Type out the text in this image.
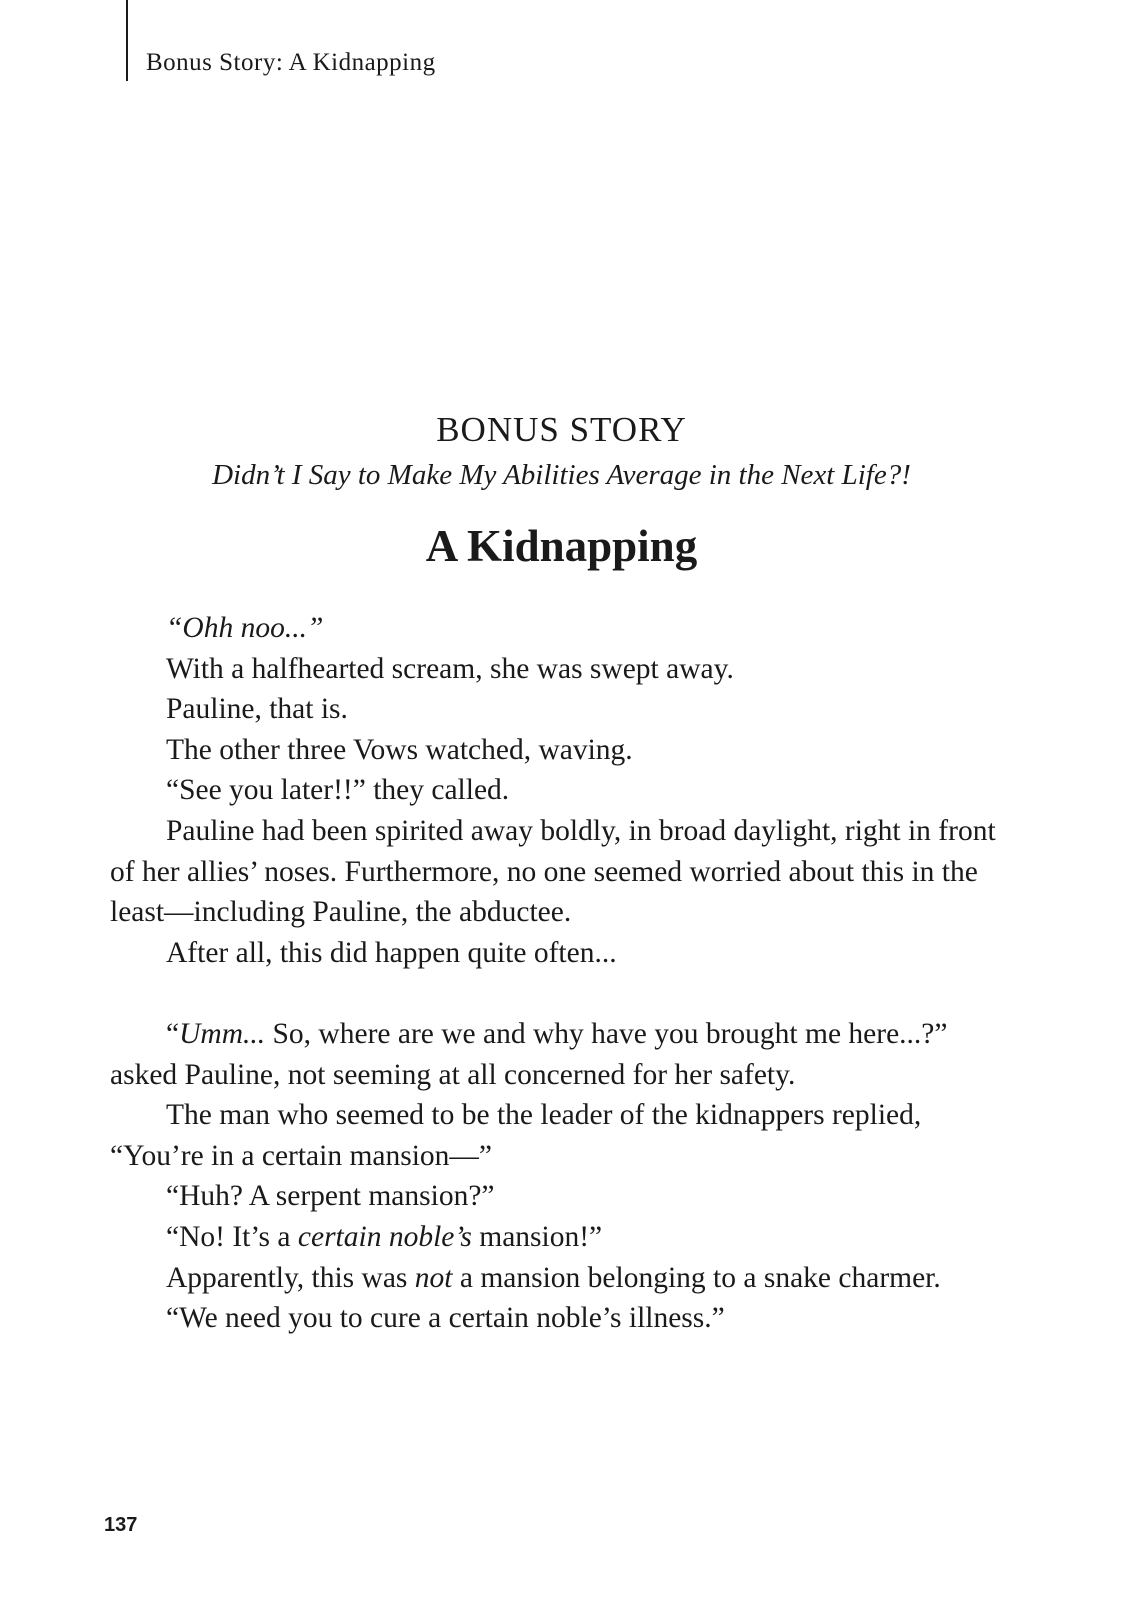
Bonus Story: A Kidnapping
BONUS STORY
Didn’t I Say to Make My Abilities Average in the Next Life?!
A Kidnapping

“Ohh noo...”

With a halfhearted scream, she was swept away.

Pauline, that is.

The other three Vows watched, waving.

“See you later!!” they called.

Pauline had been spirited away boldly, in broad daylight, right in front of her allies’ noses. Furthermore, no one seemed worried about this in the least—including Pauline, the abductee.

After all, this did happen quite often...

“Umm... So, where are we and why have you brought me here...?” asked Pauline, not seeming at all concerned for her safety.

The man who seemed to be the leader of the kidnappers replied, “You’re in a certain mansion—”

“Huh? A serpent mansion?”

“No! It’s a certain noble’s mansion!”

Apparently, this was not a mansion belonging to a snake charmer.

“We need you to cure a certain noble’s illness.”

137
